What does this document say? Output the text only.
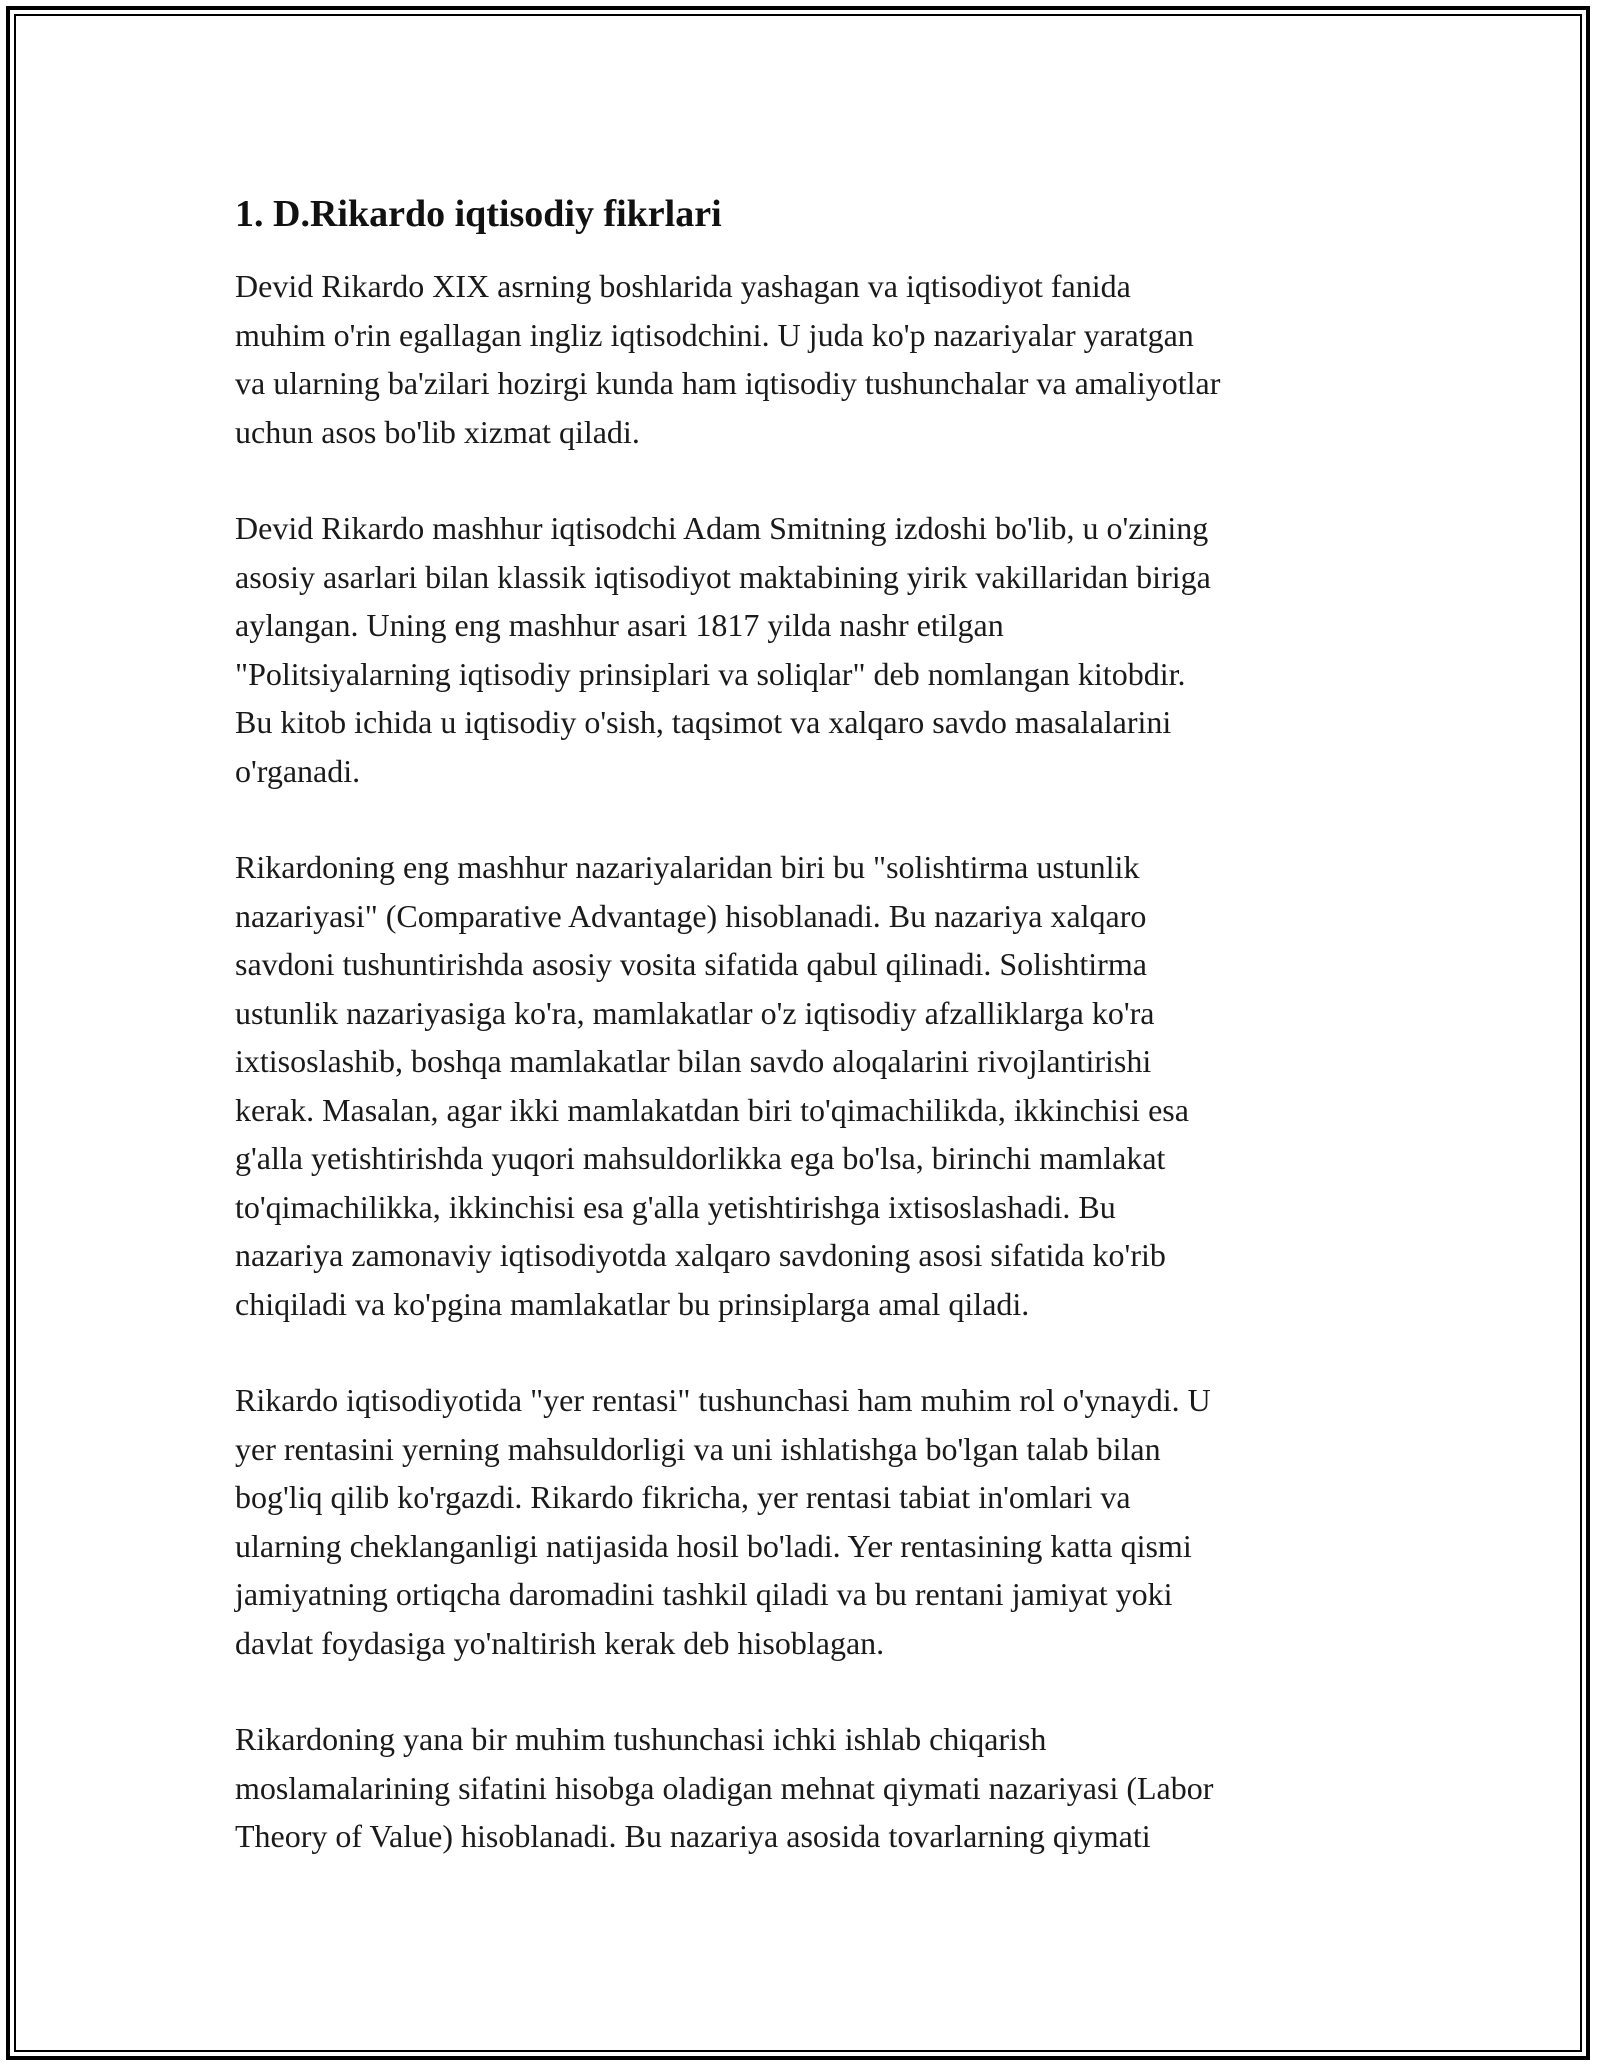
1. D.Rikardo iqtisodiy fikrlari

Devid Rikardo XIX asrning boshlarida yashagan va iqtisodiyot fanida
muhim o'rin egallagan ingliz iqtisodchini. U juda ko'p nazariyalar yaratgan
va ularning ba'zilari hozirgi kunda ham iqtisodiy tushunchalar va amaliyotlar
uchun asos bo'lib xizmat qiladi.

Devid Rikardo mashhur iqtisodchi Adam Smitning izdoshi bo'lib, u o'zining
asosiy asarlari bilan klassik iqtisodiyot maktabining yirik vakillaridan biriga
aylangan. Uning eng mashhur asari 1817 yilda nashr etilgan
"Politsiyalarning iqtisodiy prinsiplari va soliqlar" deb nomlangan kitobdir.
Bu kitob ichida u iqtisodiy o'sish, taqsimot va xalqaro savdo masalalarini
o'rganadi.

Rikardoning eng mashhur nazariyalaridan biri bu "solishtirma ustunlik
nazariyasi" (Comparative Advantage) hisoblanadi. Bu nazariya xalqaro
savdoni tushuntirishda asosiy vosita sifatida qabul qilinadi. Solishtirma
ustunlik nazariyasiga ko'ra, mamlakatlar o'z iqtisodiy afzalliklarga ko'ra
ixtisoslashib, boshqa mamlakatlar bilan savdo aloqalarini rivojlantirishi
kerak. Masalan, agar ikki mamlakatdan biri to'qimachilikda, ikkinchisi esa
g'alla yetishtirishda yuqori mahsuldorlikka ega bo'lsa, birinchi mamlakat
to'qimachilikka, ikkinchisi esa g'alla yetishtirishga ixtisoslashadi. Bu
nazariya zamonaviy iqtisodiyotda xalqaro savdoning asosi sifatida ko'rib
chiqiladi va ko'pgina mamlakatlar bu prinsiplarga amal qiladi.

Rikardo iqtisodiyotida "yer rentasi" tushunchasi ham muhim rol o'ynaydi. U
yer rentasini yerning mahsuldorligi va uni ishlatishga bo'lgan talab bilan
bog'liq qilib ko'rgazdi. Rikardo fikricha, yer rentasi tabiat in'omlari va
ularning cheklanganligi natijasida hosil bo'ladi. Yer rentasining katta qismi
jamiyatning ortiqcha daromadini tashkil qiladi va bu rentani jamiyat yoki
davlat foydasiga yo'naltirish kerak deb hisoblagan.

Rikardoning yana bir muhim tushunchasi ichki ishlab chiqarish
moslamalarining sifatini hisobga oladigan mehnat qiymati nazariyasi (Labor
Theory of Value) hisoblanadi. Bu nazariya asosida tovarlarning qiymati
